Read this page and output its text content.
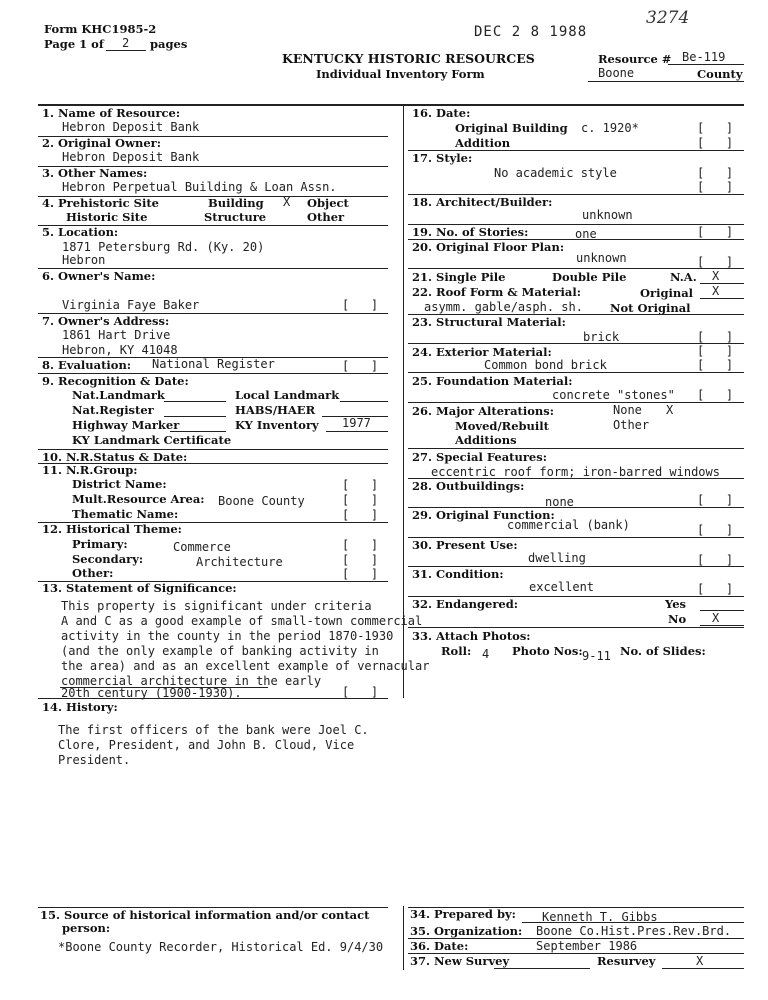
Form KHC1985-2
Page 1 of 2 pages
DEC 2 8 1988
3274
KENTUCKY HISTORIC RESOURCES
Individual Inventory Form
Resource # Be-119
Boone	County
1. Name of Resource:
Hebron Deposit Bank
2. Original Owner:
Hebron Deposit Bank
3. Other Names:
Hebron Perpetual Building & Loan Assn.
4. Prehistoric Site	Building X Object
Historic Site	Structure	Other
5. Location:
1871 Petersburg Rd. (Ky. 20)
Hebron
6. Owner's Name:
Virginia Faye Baker	[   ]
7. Owner's Address:
1861 Hart Drive
Hebron, KY 41048
8. Evaluation: National Register	[   ]
9. Recognition & Date:
Nat.Landmark	Local Landmark
Nat.Register	HABS/HAER
Highway Marker	KY Inventory 1977
KY Landmark Certificate
10. N.R.Status & Date:
11. N.R.Group:
District Name:	[   ]
Mult.Resource Area: Boone County	[   ]
Thematic Name:	[   ]
12. Historical Theme:
Primary:	Commerce	[   ]
Secondary:	Architecture	[   ]
Other:	[   ]
13. Statement of Significance:
This property is significant under criteria
A and C as a good example of small-town commercial
activity in the county in the period 1870-1930
(and the only example of banking activity in
the area) and as an excellent example of vernacular
commercial architecture in the early
20th century (1900-1930).	[   ]
14. History:
The first officers of the bank were Joel C.
Clore, President, and John B. Cloud, Vice
President.
16. Date:
Original Building c. 1920*	[   ]
Addition	[   ]
17. Style:
No academic style	[   ]
[   ]
18. Architect/Builder:
unknown
19. No. of Stories:	one	[   ]
20. Original Floor Plan:
unknown	[   ]
21. Single Pile	Double Pile	N.A. X
22. Roof Form & Material:	Original X
asymm. gable/asph. sh. Not Original
23. Structural Material:
brick	[   ]
24. Exterior Material:	[   ]
Common bond brick	[   ]
25. Foundation Material:
concrete "stones" [   ]
26. Major Alterations:	None X
Moved/Rebuilt	Other
Additions
27. Special Features:
eccentric roof form; iron-barred windows
28. Outbuildings:
none	[   ]
29. Original Function:
commercial (bank)	[   ]
30. Present Use:
dwelling	[   ]
31. Condition:
excellent	[   ]
32. Endangered:	Yes
No X
33. Attach Photos:
Roll: 4 Photo Nos: 9-11 No. of Slides:
15. Source of historical information and/or contact
person:
*Boone County Recorder, Historical Ed. 9/4/30
34. Prepared by: Kenneth T. Gibbs
35. Organization: Boone Co.Hist.Pres.Rev.Brd.
36. Date:	September 1986
37. New Survey	Resurvey	X
